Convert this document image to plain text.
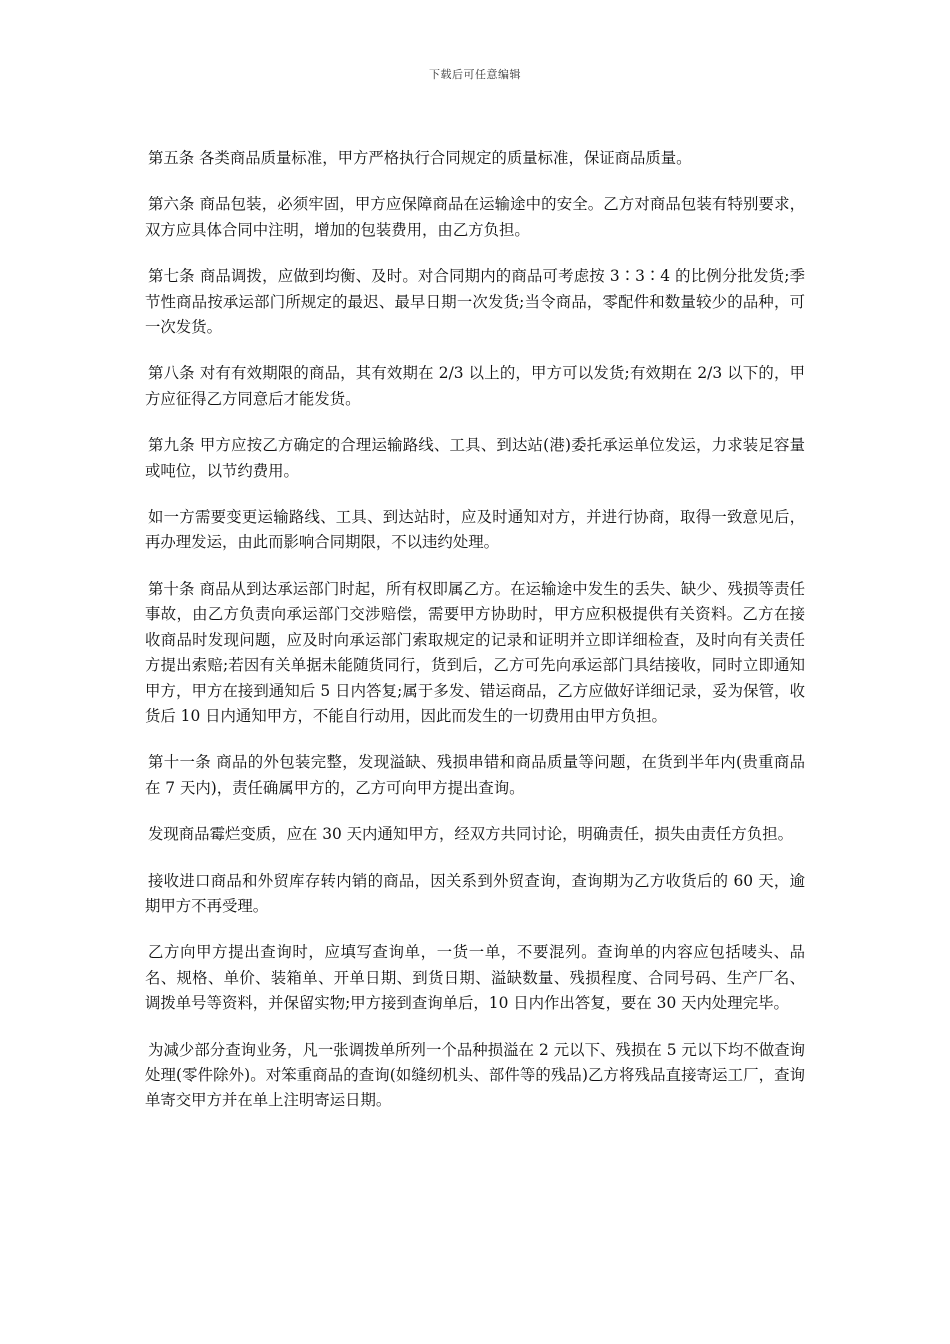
下载后可任意编辑

第五条 各类商品质量标准，甲方严格执行合同规定的质量标准，保证商品质量。

第六条 商品包装，必须牢固，甲方应保障商品在运输途中的安全。乙方对商品包装有特别要求，双方应具体合同中注明，增加的包装费用，由乙方负担。

第七条 商品调拨，应做到均衡、及时。对合同期内的商品可考虑按 3∶3∶4 的比例分批发货;季节性商品按承运部门所规定的最迟、最早日期一次发货;当令商品，零配件和数量较少的品种，可一次发货。

第八条 对有有效期限的商品，其有效期在 2/3 以上的，甲方可以发货;有效期在 2/3 以下的，甲方应征得乙方同意后才能发货。

第九条 甲方应按乙方确定的合理运输路线、工具、到达站(港)委托承运单位发运，力求装足容量或吨位，以节约费用。

如一方需要变更运输路线、工具、到达站时，应及时通知对方，并进行协商，取得一致意见后，再办理发运，由此而影响合同期限，不以违约处理。

第十条 商品从到达承运部门时起，所有权即属乙方。在运输途中发生的丢失、缺少、残损等责任事故，由乙方负责向承运部门交涉赔偿，需要甲方协助时，甲方应积极提供有关资料。乙方在接收商品时发现问题，应及时向承运部门索取规定的记录和证明并立即详细检查，及时向有关责任方提出索赔;若因有关单据未能随货同行，货到后，乙方可先向承运部门具结接收，同时立即通知甲方，甲方在接到通知后 5 日内答复;属于多发、错运商品，乙方应做好详细记录，妥为保管，收货后 10 日内通知甲方，不能自行动用，因此而发生的一切费用由甲方负担。

第十一条 商品的外包装完整，发现溢缺、残损串错和商品质量等问题，在货到半年内(贵重商品在 7 天内)，责任确属甲方的，乙方可向甲方提出查询。

发现商品霉烂变质，应在 30 天内通知甲方，经双方共同讨论，明确责任，损失由责任方负担。

接收进口商品和外贸库存转内销的商品，因关系到外贸查询，查询期为乙方收货后的 60 天，逾期甲方不再受理。

乙方向甲方提出查询时，应填写查询单，一货一单，不要混列。查询单的内容应包括唛头、品名、规格、单价、装箱单、开单日期、到货日期、溢缺数量、残损程度、合同号码、生产厂名、调拨单号等资料，并保留实物;甲方接到查询单后，10 日内作出答复，要在 30 天内处理完毕。

为减少部分查询业务，凡一张调拨单所列一个品种损溢在 2 元以下、残损在 5 元以下均不做查询处理(零件除外)。对笨重商品的查询(如缝纫机头、部件等的残品)乙方将残品直接寄运工厂，查询单寄交甲方并在单上注明寄运日期。
